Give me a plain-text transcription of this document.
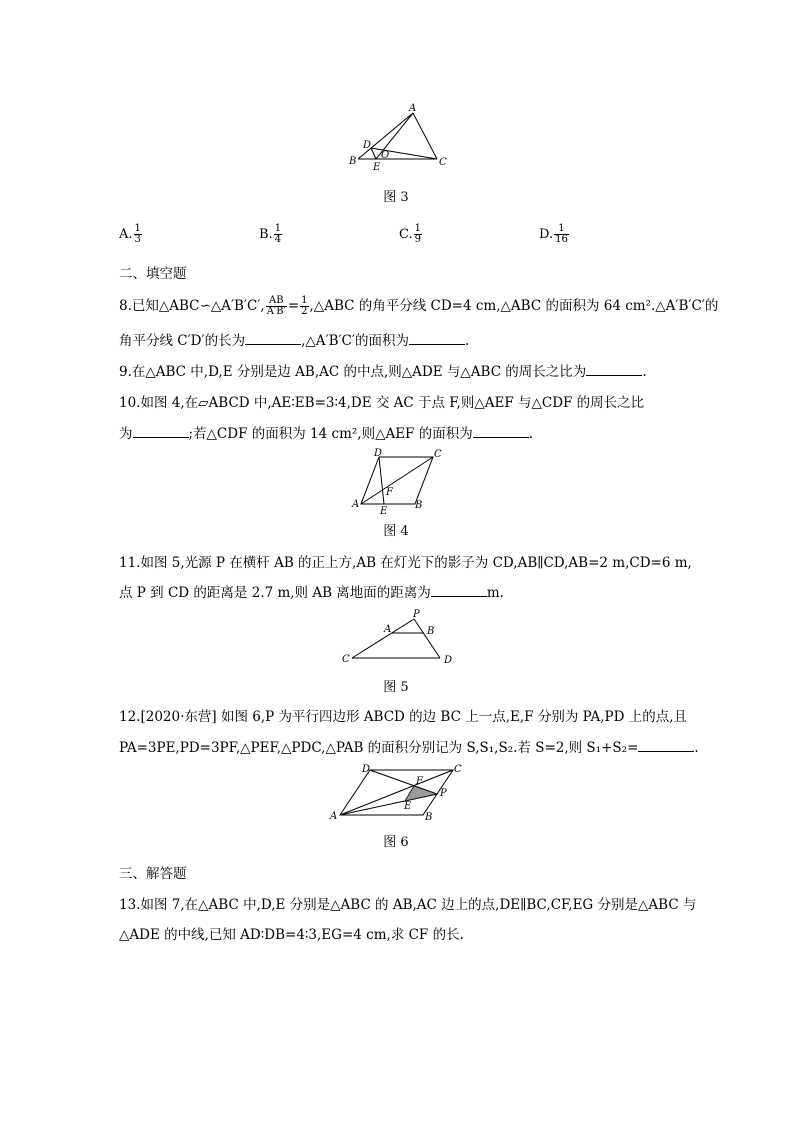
A
B	C
D
E
O
图 3
A. $\frac{1}{3}$	B. $\frac{1}{4}$	C. $\frac{1}{9}$	D. $\frac{1}{16}$
二、填空题
8.已知△ABC∽△A′B′C′, $\frac{AB}{A'B'} = \frac{1}{2}$ ,△ABC 的角平分线 CD=4 cm,△ABC 的面积为 64 cm².△A′B′C′的
角平分线 C′D′的长为	,△A′B′C′的面积为	.
9.在△ABC 中,D,E 分别是边 AB,AC 的中点,则△ADE 与△ABC 的周长之比为	.
10.如图 4,在▱ABCD 中,AE∶EB=3∶4,DE 交 AC 于点 F,则△AEF 与△CDF 的周长之比
为	;若△CDF 的面积为 14 cm²,则△AEF 的面积为	.
A	B
C
D
E
F
图 4
11.如图 5,光源 P 在横杆 AB 的正上方,AB 在灯光下的影子为 CD,AB∥CD,AB=2 m,CD=6 m,
点 P 到 CD 的距离是 2.7 m,则 AB 离地面的距离为	m.
P
A	B
C	D
图 5
12.[2020·东营] 如图 6,P 为平行四边形 ABCD 的边 BC 上一点,E,F 分别为 PA,PD 上的点,且
PA=3PE,PD=3PF,△PEF,△PDC,△PAB 的面积分别记为 S,S₁,S₂.若 S=2,则 S₁+S₂=	.
A	B
C
D
E
F
P
图 6
三、解答题
13.如图 7,在△ABC 中,D,E 分别是△ABC 的 AB,AC 边上的点,DE∥BC,CF,EG 分别是△ABC 与
△ADE 的中线,已知 AD∶DB=4∶3,EG=4 cm,求 CF 的长.
